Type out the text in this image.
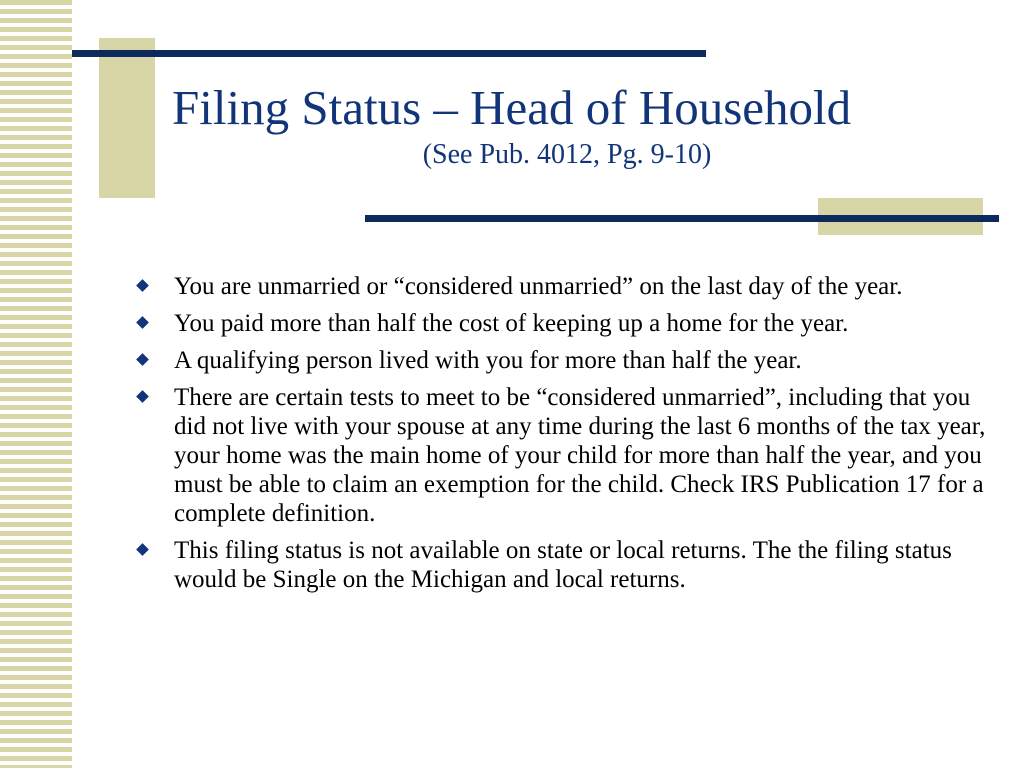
Filing Status – Head of Household
(See Pub. 4012, Pg. 9-10)
You are unmarried or “considered unmarried” on the last day of the year.
You paid more than half the cost of keeping up a home for the year.
A qualifying person lived with you for more than half the year.
There are certain tests to meet to be “considered unmarried”, including that you did not live with your spouse at any time during the last 6 months of the tax year, your home was the main home of your child for more than half the year, and you must be able to claim an exemption for the child. Check IRS Publication 17 for a complete definition.
This filing status is not available on state or local returns. The the filing status would be Single on the Michigan and local returns.
